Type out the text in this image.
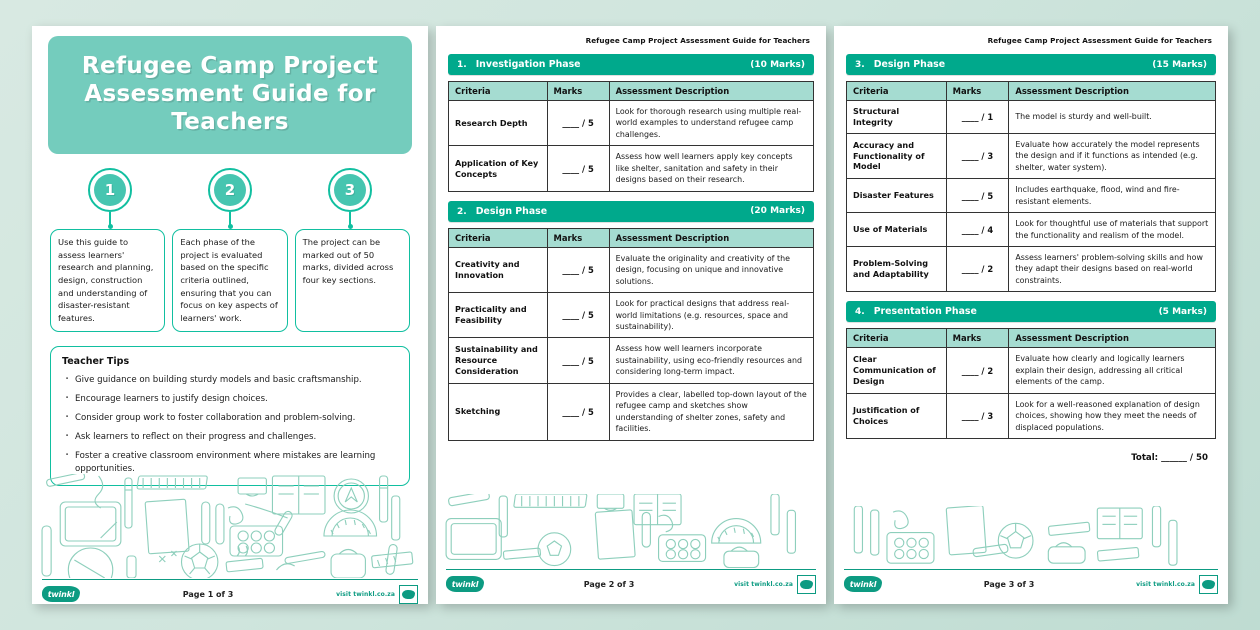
Refugee Camp Project
Assessment Guide for Teachers
1	2	3
Use this guide to assess learners' research and planning, design, construction and understanding of disaster-resistant features.
Each phase of the project is evaluated based on the specific criteria outlined, ensuring that you can focus on key aspects of learners' work.
The project can be marked out of 50 marks, divided across four key sections.
Teacher Tips
· Give guidance on building sturdy models and basic craftsmanship.
· Encourage learners to justify design choices.
· Consider group work to foster collaboration and problem-solving.
· Ask learners to reflect on their progress and challenges.
· Foster a creative classroom environment where mistakes are learning opportunities.
twinkl	Page 1 of 3	visit twinkl.co.za
Refugee Camp Project Assessment Guide for Teachers
1. Investigation Phase	(10 Marks)
Criteria	Marks	Assessment Description
Research Depth	____ / 5	Look for thorough research using multiple real-world examples to understand refugee camp challenges.
Application of Key Concepts	____ / 5	Assess how well learners apply key concepts like shelter, sanitation and safety in their designs based on their research.
2. Design Phase	(20 Marks)
Criteria	Marks	Assessment Description
Creativity and Innovation	____ / 5	Evaluate the originality and creativity of the design, focusing on unique and innovative solutions.
Practicality and Feasibility	____ / 5	Look for practical designs that address real-world limitations (e.g. resources, space and sustainability).
Sustainability and Resource Consideration	____ / 5	Assess how well learners incorporate sustainability, using eco-friendly resources and considering long-term impact.
Sketching	____ / 5	Provides a clear, labelled top-down layout of the refugee camp and sketches show understanding of shelter zones, safety and facilities.
twinkl	Page 2 of 3	visit twinkl.co.za
Refugee Camp Project Assessment Guide for Teachers
3. Design Phase	(15 Marks)
Criteria	Marks	Assessment Description
Structural Integrity	____ / 1	The model is sturdy and well-built.
Accuracy and Functionality of Model	____ / 3	Evaluate how accurately the model represents the design and if it functions as intended (e.g. shelter, water system).
Disaster Features	____ / 5	Includes earthquake, flood, wind and fire-resistant elements.
Use of Materials	____ / 4	Look for thoughtful use of materials that support the functionality and realism of the model.
Problem-Solving and Adaptability	____ / 2	Assess learners' problem-solving skills and how they adapt their designs based on real-world constraints.
4. Presentation Phase	(5 Marks)
Criteria	Marks	Assessment Description
Clear Communication of Design	____ / 2	Evaluate how clearly and logically learners explain their design, addressing all critical elements of the camp.
Justification of Choices	____ / 3	Look for a well-reasoned explanation of design choices, showing how they meet the needs of displaced populations.
Total: ______ / 50
twinkl	Page 3 of 3	visit twinkl.co.za
